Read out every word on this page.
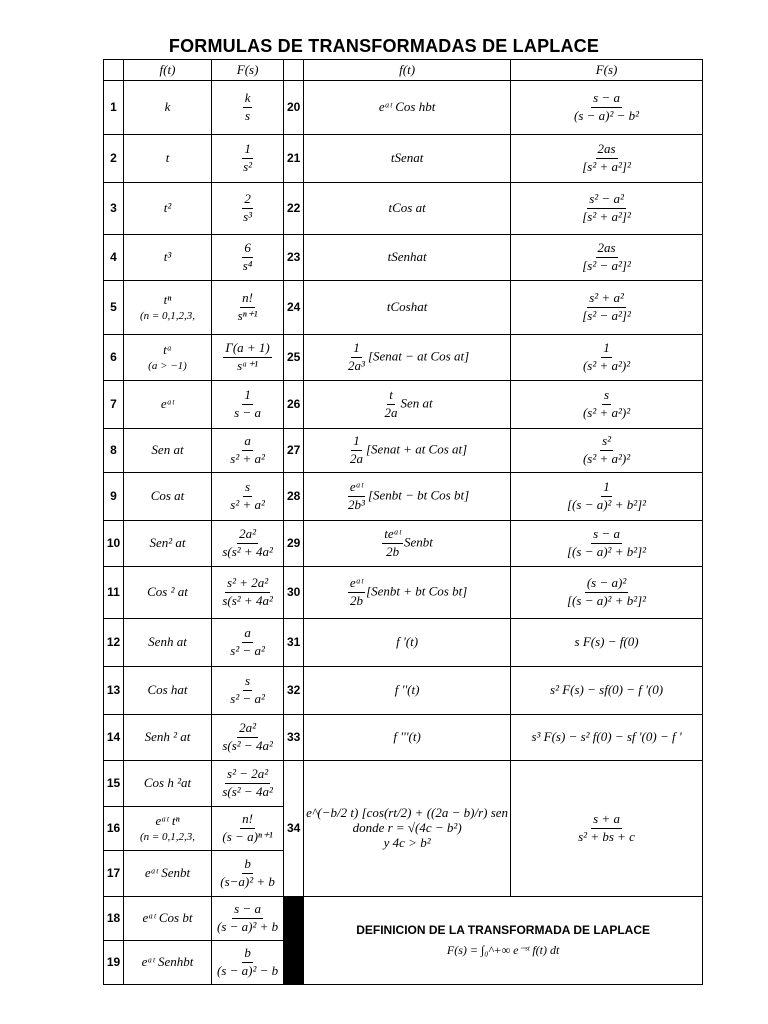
FORMULAS DE TRANSFORMADAS DE LAPLACE
	f(t)	F(s)		f(t)	F(s)
1	k	$\frac{k}{s}$	20	eᵃᵗ Cos hbt	$\frac{s - a}{\text{(s − a)² − b²}}$

2	t	$\frac{1}{\text{s²}}$	21	tSenat	$\frac{2as}{\text{[s² + a²]²}}$

3	t²	$\frac{2}{\text{s³}}$	22	tCos at	$\frac{\text{s² − a²}}{\text{[s² + a²]²}}$

4	t³	$\frac{6}{\text{s⁴}}$	23	tSenhat	$\frac{2as}{\text{[s² − a²]²}}$

5	tⁿ
(n = 0,1,2,3,	$\frac{n!}{\text{sⁿ⁺¹}}$	24	tCoshat	$\frac{\text{s² + a²}}{\text{[s² − a²]²}}$

6	tᵃ
(a > −1)	$\frac{\Gamma(a + 1)}{\text{sᵃ⁺¹}}$	25	$\frac{1}{\text{2a³}}$ [Senat − at Cos at]	$\frac{1}{\text{(s² + a²)²}}$

7	eᵃᵗ	$\frac{1}{s - a}$	26	$\frac{t}{2a}$ Sen at	$\frac{s}{\text{(s² + a²)²}}$

8	Sen at	$\frac{a}{\text{s² + a²}}$	27	$\frac{1}{2a}$ [Senat + at Cos at]	$\frac{\text{s²}}{\text{(s² + a²)²}}$

9	Cos at	$\frac{s}{\text{s² + a²}}$	28	$\frac{\text{eᵃᵗ}}{\text{2b³}}$ [Senbt − bt Cos bt]	$\frac{1}{\text{[(s − a)² + b²]²}}$

10	Sen² at	$\frac{\text{2a²}}{\text{s(s² + 4a²}}$	29	$\frac{\text{teᵃᵗ}}{2b}$ Senbt	$\frac{s - a}{\text{[(s − a)² + b²]²}}$

11	Cos ² at	$\frac{\text{s² + 2a²}}{\text{s(s² + 4a²}}$	30	$\frac{\text{eᵃᵗ}}{2b}$ [Senbt + bt Cos bt]	$\frac{\text{(s − a)²}}{\text{[(s − a)² + b²]²}}$

12	Senh at	$\frac{a}{\text{s² − a²}}$	31	f '(t)	s F(s) − f(0)
13	Cos hat	$\frac{s}{\text{s² − a²}}$	32	f ''(t)	s² F(s) − sf(0) − f '(0)
14	Senh ² at	$\frac{\text{2a²}}{\text{s(s² − 4a²}}$	33	f '''(t)	s³ F(s) − s² f(0) − sf '(0) − f '
15	Cos h ²at	$\frac{\text{s² − 2a²}}{\text{s(s² − 4a²}}$	34	e^(−b/2 t) [cos(rt/2) + ((2a − b)/r) sen
donde r = √(4c − b²)
y 4c > b²	$\frac{s + a}{\text{s² + bs + c}}$

16	eᵃᵗ tⁿ
(n = 0,1,2,3,	$\frac{n!}{\text{(s − a)ⁿ⁺¹}}$

17	eᵃᵗ Senbt	$\frac{b}{\text{(s−a)² + b}}$

18	eᵃᵗ Cos bt	$\frac{s - a}{\text{(s − a)² + b}}$		DEFINICION DE LA TRANSFORMADA DE LAPLACE
F(s) = ∫₀^+∞ e⁻ˢᵗ f(t) dt	

19	eᵃᵗ Senhbt	$\frac{b}{\text{(s − a)² − b}}$
